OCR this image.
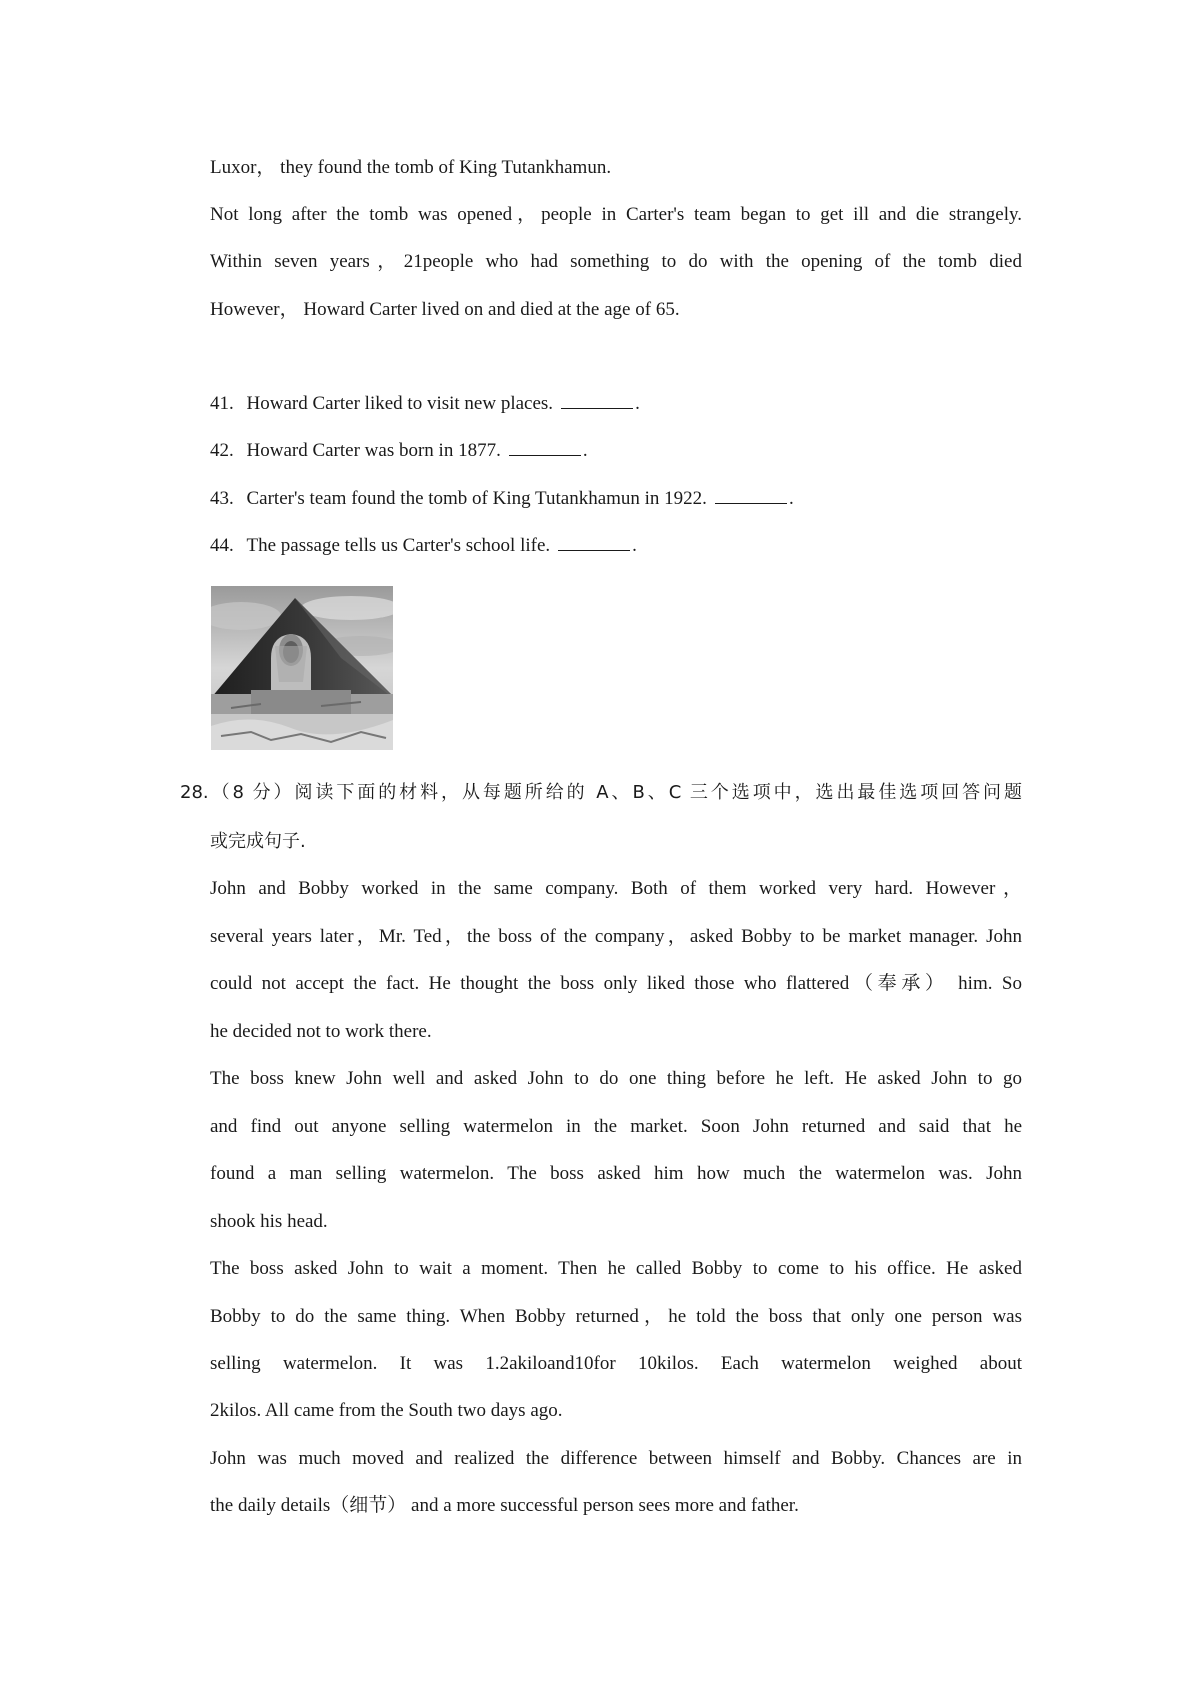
Luxor， they found the tomb of King Tutankhamun.
Not long after the tomb was opened，people in Carter's team began to get ill and die strangely.
Within seven years，21people who had something to do with the opening of the tomb died
However， Howard Carter lived on and died at the age of 65.
41. Howard Carter liked to visit new places.	.
42. Howard Carter was born in 1877.	.
43. Carter's team found the tomb of King Tutankhamun in 1922.	.
44. The passage tells us Carter's school life.	.
28.（8 分）阅读下面的材料，从每题所给的 A、B、C 三个选项中，选出最佳选项回答问题
或完成句子.
John and Bobby worked in the same company. Both of them worked very hard. However，
several years later，Mr. Ted，the boss of the company，asked Bobby to be market manager. John
could not accept the fact. He thought the boss only liked those who flattered（奉承） him. So
he decided not to work there.
The boss knew John well and asked John to do one thing before he left. He asked John to go
and find out anyone selling watermelon in the market. Soon John returned and said that he
found a man selling watermelon. The boss asked him how much the watermelon was. John
shook his head.
The boss asked John to wait a moment. Then he called Bobby to come to his office. He asked
Bobby to do the same thing. When Bobby returned，he told the boss that only one person was
selling watermelon. It was 1.2akiloand10for 10kilos. Each watermelon weighed about
2kilos. All came from the South two days ago.
John was much moved and realized the difference between himself and Bobby. Chances are in
the daily details（细节） and a more successful person sees more and father.
